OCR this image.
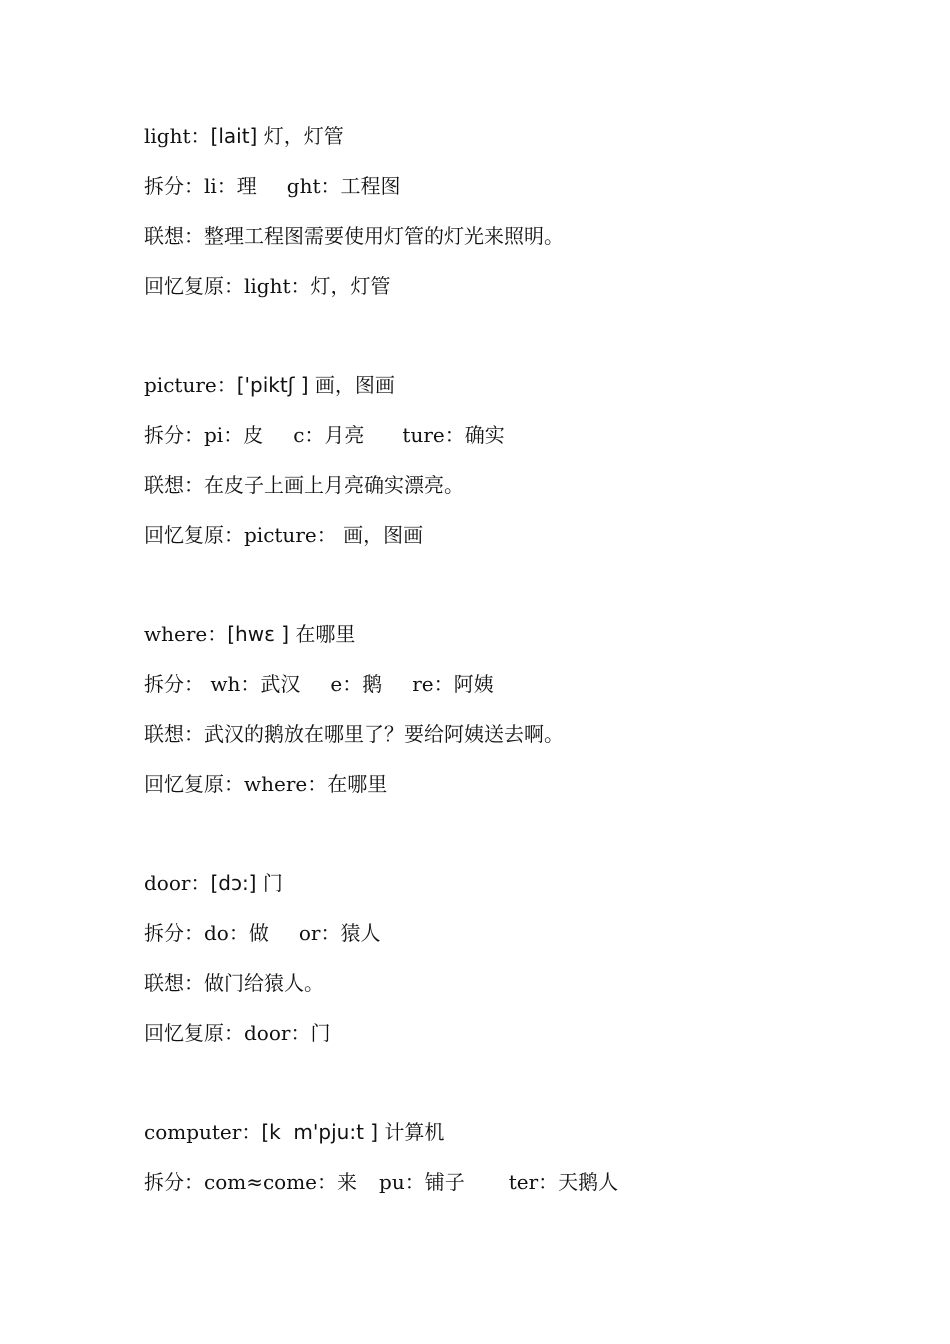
light：[lait] 灯，灯管
拆分：li：理 ght：工程图
联想：整理工程图需要使用灯管的灯光来照明。
回忆复原：light：灯，灯管
picture：['piktʃ ] 画，图画
拆分：pi：皮 c：月亮 ture：确实
联想：在皮子上画上月亮确实漂亮。
回忆复原：picture： 画，图画
where：[hwɛ ] 在哪里
拆分： wh：武汉 e：鹅 re：阿姨
联想：武汉的鹅放在哪里了？要给阿姨送去啊。
回忆复原：where：在哪里
door：[dɔ:] 门
拆分：do：做 or：猿人
联想：做门给猿人。
回忆复原：door：门
computer：[k  m'pju:t ] 计算机
拆分：com≈come：来 pu：铺子 ter：天鹅人
